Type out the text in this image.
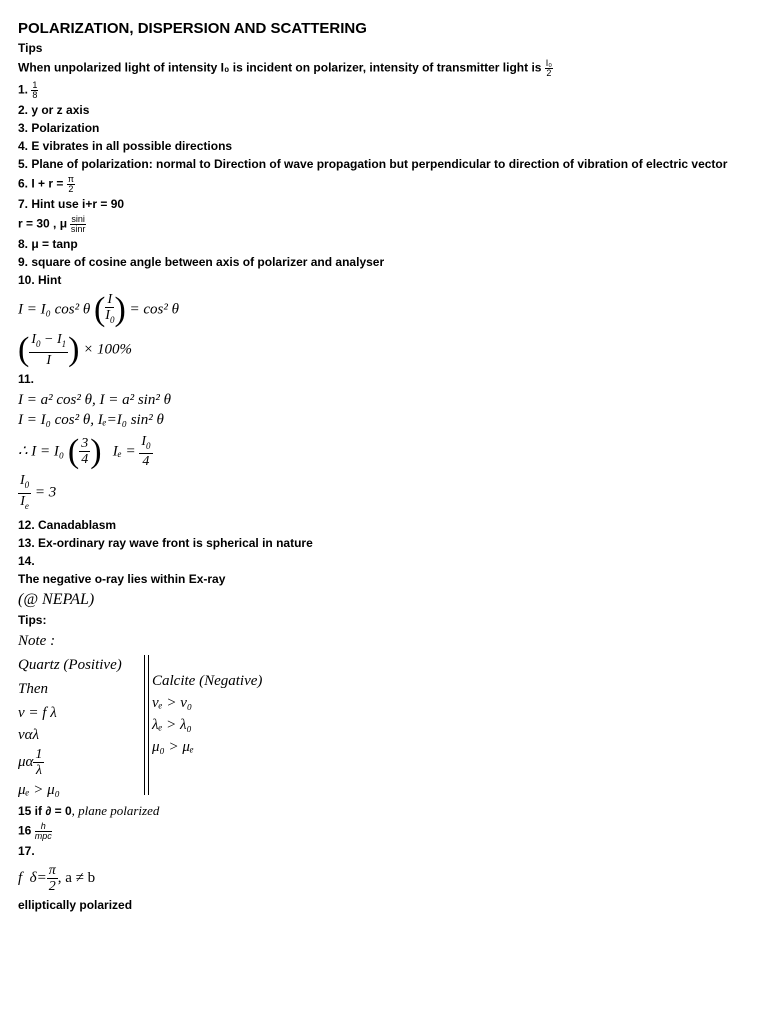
POLARIZATION, DISPERSION AND SCATTERING
Tips
When unpolarized light of intensity I₀ is incident on polarizer, intensity of transmitter light is $\frac{\text{I₀}}{2}$
1. $\frac{1}{8}$
2. y or z axis
3. Polarization
4. E vibrates in all possible directions
5. Plane of polarization: normal to Direction of wave propagation but perpendicular to direction of vibration of electric vector
6. $I + r = \frac{\pi}{2}$
7. Hint use i+r = 90
r = 30 , μ $\frac{\sin i}{\sin r}$
8. μ = tanp
9. square of cosine angle between axis of polarizer and analyser
10. Hint
I = I₀ cos² θ ( $\frac{I}{I_0}$ ) = cos² θ
( $\frac{I_0 - I_1}{I}$ ) × 100%
11.
I = a² cos² θ, I = a² sin² θ
I = I₀ cos² θ, Iₑ=I₀ sin² θ
∴ I = I₀ ( $\frac{3}{4}$ ) $I_e = \frac{I_0}{4}$
$\frac{I_0}{I_e} = 3$
12. Canadablasm
13. Ex-ordinary ray wave front is spherical in nature
14.
The negative o-ray lies within Ex-ray
(@ NEPAL)
Tips:
Note :
Quartz (Positive)
Then
v = f λ
vαλ
μα $\frac{1}{\lambda}$
μₑ > μ₀
Calcite (Negative)
vₑ > v₀
λₑ > λ₀
μ₀ > μₑ
15 if ∂ = 0, plane polarized
$16 \frac{h}{\text{mpc}}$
17.
f $\delta= \frac{\pi}{2}$ , a ≠ b
elliptically polarized
